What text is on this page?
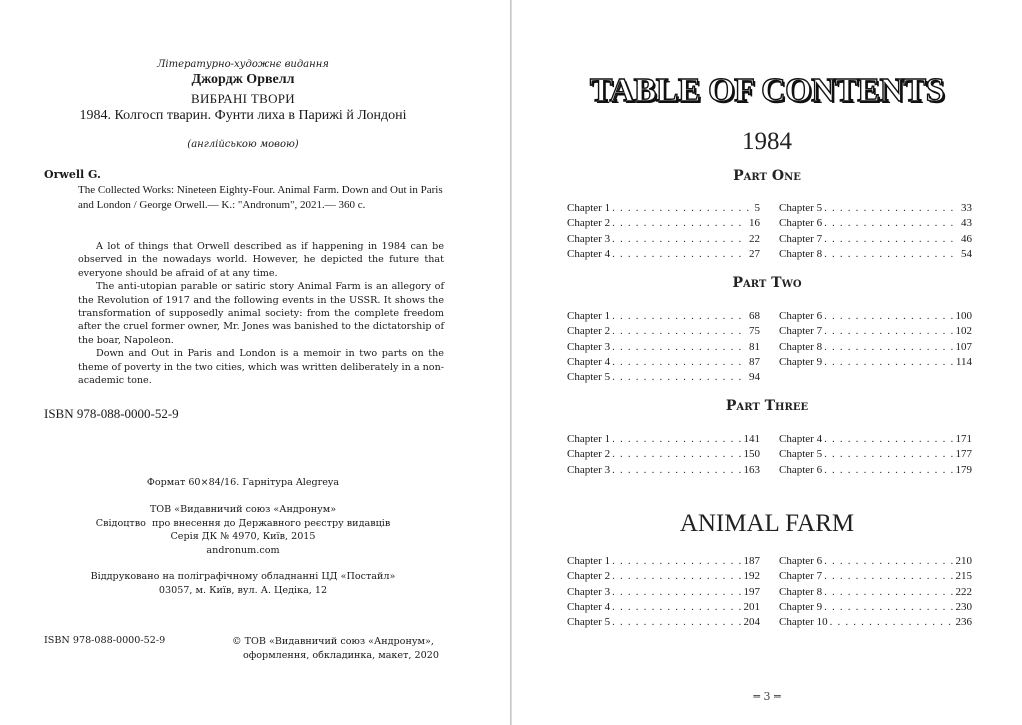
Літературно-художнє видання
Джордж Орвелл
ВИБРАНІ ТВОРИ
1984. Колгосп тварин. Фунти лиха в Парижі й Лондоні
(англійською мовою)
Orwell G.
The Collected Works: Nineteen Eighty-Four. Animal Farm. Down and Out in Paris and London / George Orwell.— K.: "Andronum", 2021.— 360 c.

A lot of things that Orwell described as if happening in 1984 can be observed in the nowadays world. However, he depicted the future that everyone should be afraid of at any time.

The anti-utopian parable or satiric story Animal Farm is an allegory of the Revolution of 1917 and the following events in the USSR. It shows the transformation of supposedly animal society: from the complete freedom after the cruel former owner, Mr. Jones was banished to the dictatorship of the boar, Napoleon.

Down and Out in Paris and London is a memoir in two parts on the theme of poverty in the two cities, which was written deliberately in a non-academic tone.

ISBN 978-088-0000-52-9
Формат 60×84/16. Гарнітура Alegreya
ТОВ «Видавничий союз «Андронум»
Свідоцтво  про внесення до Державного реєстру видавців
Серія ДК № 4970, Київ, 2015
andronum.com
Віддруковано на поліграфічному обладнанні ЦД «Постайл»
03057, м. Київ, вул. А. Цедіка, 12
ISBN 978-088-0000-52-9	© ТОВ «Видавничий союз «Андронум»,
оформлення, обкладинка, макет, 2020
TABLE OF CONTENTS
1984
Part One
Chapter 1 . . .	5
Chapter 2 . . .	16
Chapter 3 . . .	22
Chapter 4 . . .	27
Chapter 5 . . .	33
Chapter 6 . . .	43
Chapter 7 . . .	46
Chapter 8 . . .	54
Part Two
Chapter 1 . . .	68
Chapter 2 . . .	75
Chapter 3 . . .	81
Chapter 4 . . .	87
Chapter 5 . . .	94
Chapter 6 . . .	100
Chapter 7 . . .	102
Chapter 8 . . .	107
Chapter 9 . . .	114
Part Three
Chapter 1 . . .	141
Chapter 2 . . .	150
Chapter 3 . . .	163
Chapter 4 . . .	171
Chapter 5 . . .	177
Chapter 6 . . .	179
ANIMAL FARM
Chapter 1 . . .	187
Chapter 2 . . .	192
Chapter 3 . . .	197
Chapter 4 . . .	201
Chapter 5 . . .	204
Chapter 6 . . .	210
Chapter 7 . . .	215
Chapter 8 . . .	222
Chapter 9 . . .	230
Chapter 10 . . .	236
═ 3 ═
